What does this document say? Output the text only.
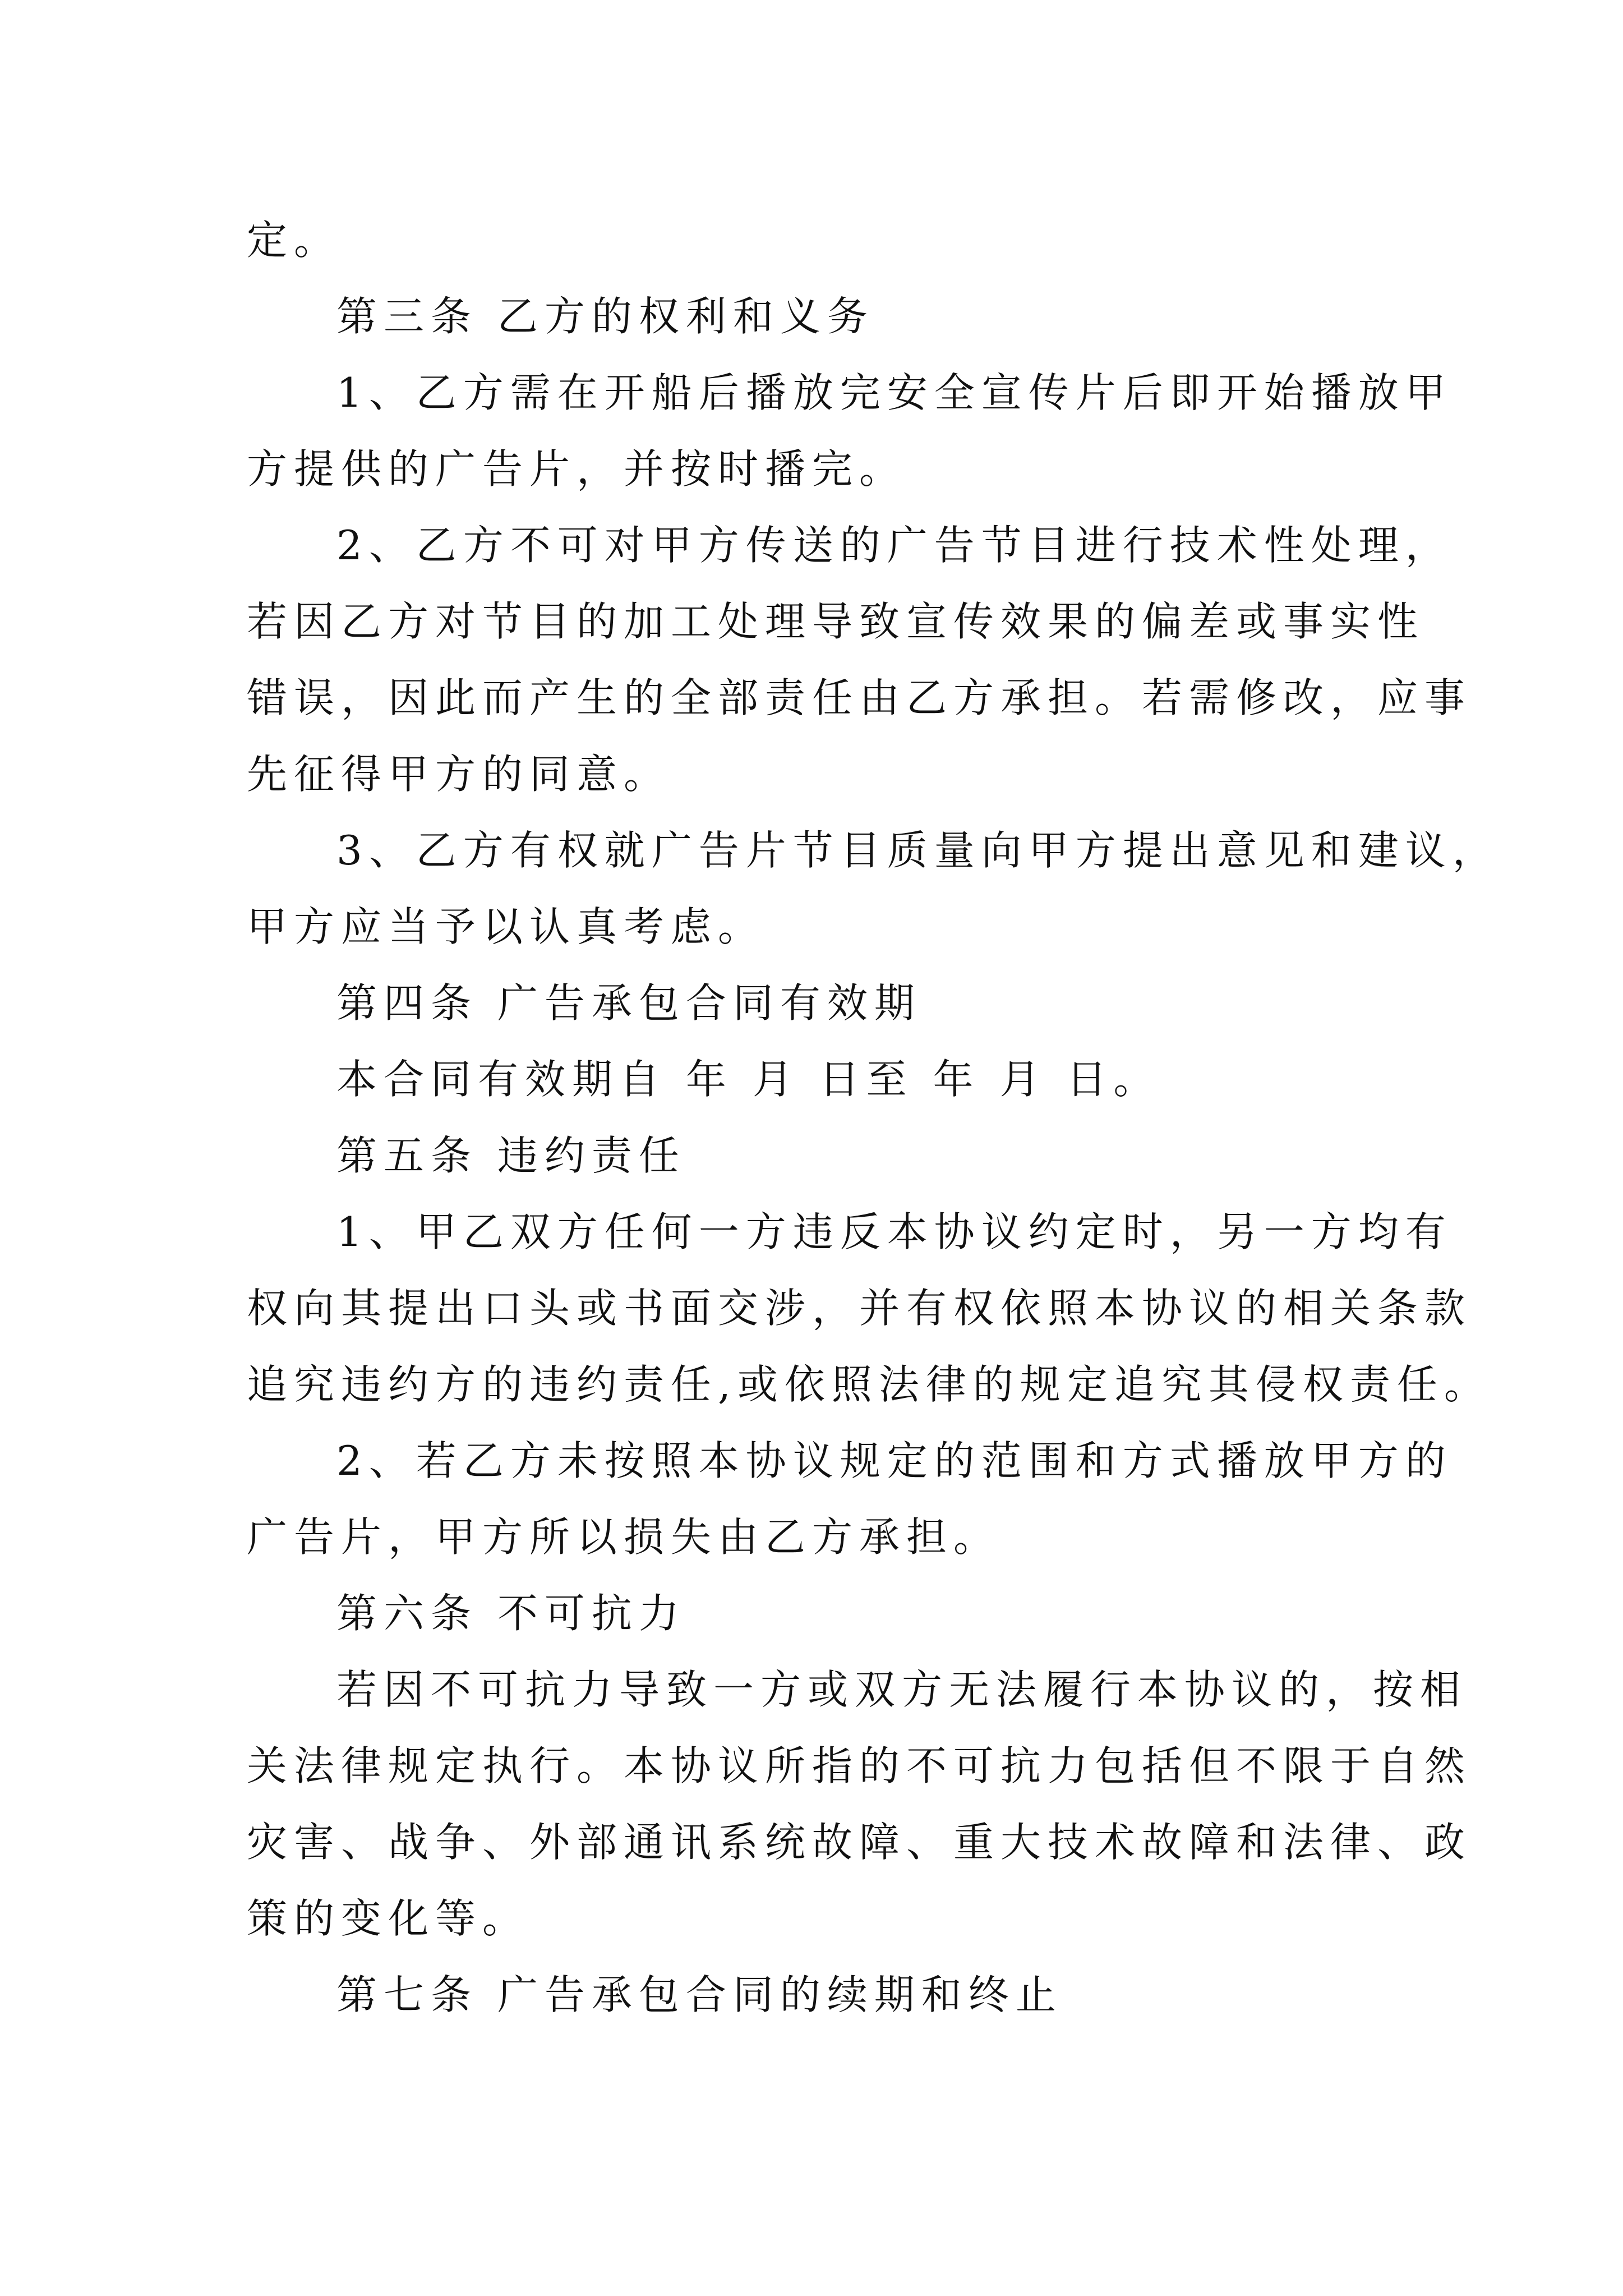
定。
第三条 乙方的权利和义务
1、乙方需在开船后播放完安全宣传片后即开始播放甲
方提供的广告片，并按时播完。
2、乙方不可对甲方传送的广告节目进行技术性处理，
若因乙方对节目的加工处理导致宣传效果的偏差或事实性
错误，因此而产生的全部责任由乙方承担。若需修改，应事
先征得甲方的同意。
3、乙方有权就广告片节目质量向甲方提出意见和建议，
甲方应当予以认真考虑。
第四条 广告承包合同有效期
本合同有效期自 年 月 日至 年 月 日。
第五条 违约责任
1、甲乙双方任何一方违反本协议约定时，另一方均有
权向其提出口头或书面交涉，并有权依照本协议的相关条款
追究违约方的违约责任,或依照法律的规定追究其侵权责任。
2、若乙方未按照本协议规定的范围和方式播放甲方的
广告片，甲方所以损失由乙方承担。
第六条 不可抗力
若因不可抗力导致一方或双方无法履行本协议的，按相
关法律规定执行。本协议所指的不可抗力包括但不限于自然
灾害、战争、外部通讯系统故障、重大技术故障和法律、政
策的变化等。
第七条 广告承包合同的续期和终止
